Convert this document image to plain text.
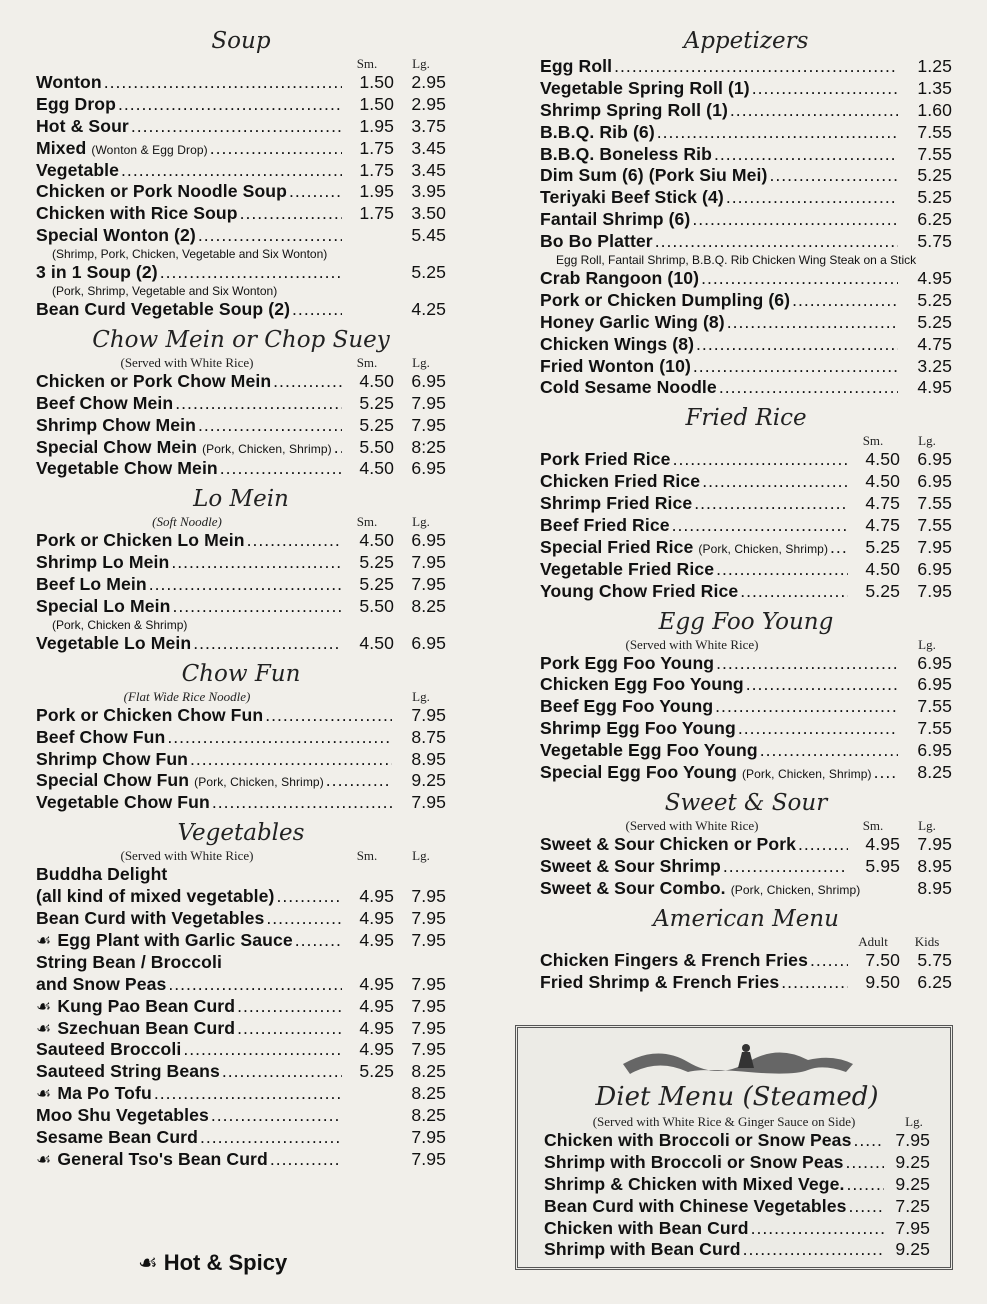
Soup
Sm.	Lg.
Wonton .....	1.50 2.95
Egg Drop .....	1.50 2.95
Hot & Sour .....	1.95 3.75
Mixed (Wonton & Egg Drop) .....	1.75 3.45
Vegetable .....	1.75 3.45
Chicken or Pork Noodle Soup .....	1.95 3.95
Chicken with Rice Soup .....	1.75 3.50
Special Wonton (2) .....	5.45
(Shrimp, Pork, Chicken, Vegetable and Six Wonton)
3 in 1 Soup (2) .....	5.25
(Pork, Shrimp, Vegetable and Six Wonton)
Bean Curd Vegetable Soup (2) .....	4.25
Chow Mein or Chop Suey
(Served with White Rice)	Sm.	Lg.
Chicken or Pork Chow Mein .....	4.50 6.95
Beef Chow Mein .....	5.25 7.95
Shrimp Chow Mein .....	5.25 7.95
Special Chow Mein (Pork, Chicken, Shrimp) .....	5.50 8:25
Vegetable Chow Mein .....	4.50 6.95
Lo Mein
(Soft Noodle)	Sm.	Lg.
Pork or Chicken Lo Mein .....	4.50 6.95
Shrimp Lo Mein .....	5.25 7.95
Beef Lo Mein .....	5.25 7.95
Special Lo Mein .....	5.50 8.25
(Pork, Chicken & Shrimp)
Vegetable Lo Mein .....	4.50 6.95
Chow Fun
(Flat Wide Rice Noodle)	Lg.
Pork or Chicken Chow Fun .....	7.95
Beef Chow Fun .....	8.75
Shrimp Chow Fun .....	8.95
Special Chow Fun (Pork, Chicken, Shrimp) .....	9.25
Vegetable Chow Fun .....	7.95
Vegetables
(Served with White Rice)	Sm.	Lg.
Buddha Delight
(all kind of mixed vegetable) .....	4.95 7.95
Bean Curd with Vegetables .....	4.95 7.95
☙ Egg Plant with Garlic Sauce .....	4.95 7.95
String Bean / Broccoli
and Snow Peas .....	4.95 7.95
☙ Kung Pao Bean Curd .....	4.95 7.95
☙ Szechuan Bean Curd .....	4.95 7.95
Sauteed Broccoli .....	4.95 7.95
Sauteed String Beans .....	5.25 8.25
☙ Ma Po Tofu .....	8.25
Moo Shu Vegetables .....	8.25
Sesame Bean Curd .....	7.95
☙ General Tso's Bean Curd .....	7.95
Appetizers
Egg Roll .....	1.25
Vegetable Spring Roll (1) .....	1.35
Shrimp Spring Roll (1) .....	1.60
B.B.Q. Rib (6) .....	7.55
B.B.Q. Boneless Rib .....	7.55
Dim Sum (6) (Pork Siu Mei) .....	5.25
Teriyaki Beef Stick (4) .....	5.25
Fantail Shrimp (6) .....	6.25
Bo Bo Platter .....	5.75
Egg Roll, Fantail Shrimp, B.B.Q. Rib Chicken Wing Steak on a Stick
Crab Rangoon (10) .....	4.95
Pork or Chicken Dumpling (6) .....	5.25
Honey Garlic Wing (8) .....	5.25
Chicken Wings (8) .....	4.75
Fried Wonton (10) .....	3.25
Cold Sesame Noodle .....	4.95
Fried Rice
Sm.	Lg.
Pork Fried Rice .....	4.50 6.95
Chicken Fried Rice .....	4.50 6.95
Shrimp Fried Rice .....	4.75 7.55
Beef Fried Rice .....	4.75 7.55
Special Fried Rice (Pork, Chicken, Shrimp) .....	5.25 7.95
Vegetable Fried Rice .....	4.50 6.95
Young Chow Fried Rice .....	5.25 7.95
Egg Foo Young
(Served with White Rice)	Lg.
Pork Egg Foo Young .....	6.95
Chicken Egg Foo Young .....	6.95
Beef Egg Foo Young .....	7.55
Shrimp Egg Foo Young .....	7.55
Vegetable Egg Foo Young .....	6.95
Special Egg Foo Young (Pork, Chicken, Shrimp) .....	8.25
Sweet & Sour
(Served with White Rice)	Sm.	Lg.
Sweet & Sour Chicken or Pork .....	4.95 7.95
Sweet & Sour Shrimp .....	5.95 8.95
Sweet & Sour Combo. (Pork, Chicken, Shrimp)	8.95
American Menu
Adult	Kids
Chicken Fingers & French Fries .....	7.50 5.75
Fried Shrimp & French Fries .....	9.50 6.25
Diet Menu (Steamed)
(Served with White Rice & Ginger Sauce on Side)	Lg.
Chicken with Broccoli or Snow Peas .....	7.95
Shrimp with Broccoli or Snow Peas .....	9.25
Shrimp & Chicken with Mixed Vege. .....	9.25
Bean Curd with Chinese Vegetables .....	7.25
Chicken with Bean Curd .....	7.95
Shrimp with Bean Curd .....	9.25
☙ Hot & Spicy
